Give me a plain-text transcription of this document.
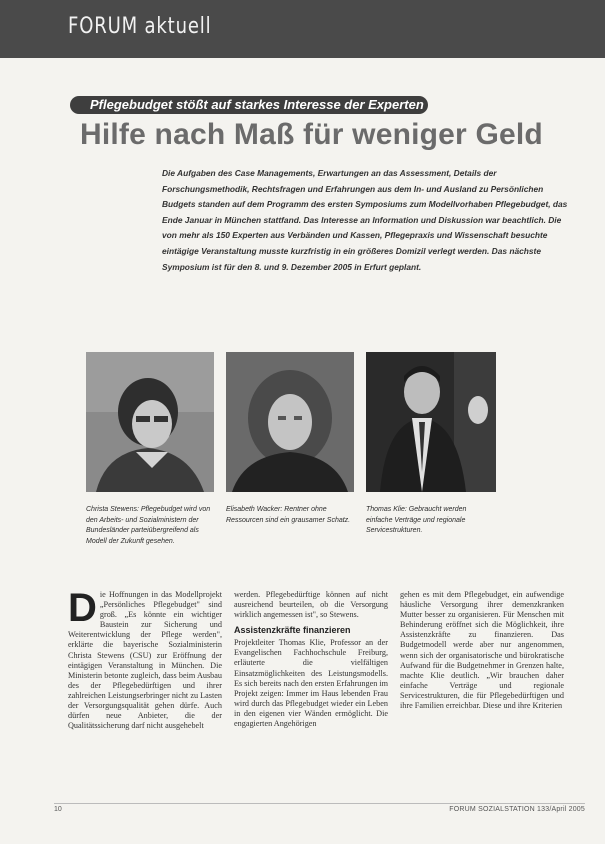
FORUM aktuell
Pflegebudget stößt auf starkes Interesse der Experten
Hilfe nach Maß für weniger Geld
Die Aufgaben des Case Managements, Erwartungen an das Assessment, Details der Forschungsmethodik, Rechtsfragen und Erfahrungen aus dem In- und Ausland zu Persönlichen Budgets standen auf dem Programm des ersten Symposiums zum Modellvorhaben Pflegebudget, das Ende Januar in München stattfand. Das Interesse an Information und Diskussion war beachtlich. Die von mehr als 150 Experten aus Verbänden und Kassen, Pflegepraxis und Wissenschaft besuchte eintägige Veranstaltung musste kurzfristig in ein größeres Domizil verlegt werden. Das nächste Symposium ist für den 8. und 9. Dezember 2005 in Erfurt geplant.
Christa Stewens: Pflegebudget wird von den Arbeits- und Sozialministern der Bundesländer parteiübergreifend als Modell der Zukunft gesehen.
Elisabeth Wacker: Rentner ohne Ressourcen sind ein grausamer Schatz.
Thomas Klie: Gebraucht werden einfache Verträge und regionale Servicestrukturen.
D ie Hoffnungen in das Modellprojekt „Persönliches Pflegebudget" sind groß. „Es könnte ein wichtiger Baustein zur Sicherung und Weiterentwicklung der Pflege werden", erklärte die bayerische Sozialministerin Christa Stewens (CSU) zur Eröffnung der eintägigen Veranstaltung in München. Die Ministerin betonte zugleich, dass beim Ausbau des der Pflegebedürftigen und ihrer zahlreichen Leistungserbringer nicht zu Lasten der Versorgungsqualität gehen dürfe. Auch dürfen neue Anbieter, die der Qualitätssicherung darf nicht ausgehebelt
werden. Pflegebedürftige können auf nicht ausreichend beurteilen, ob die Versorgung wirklich angemessen ist", so Stewens.
Assistenzkräfte finanzieren
Projektleiter Thomas Klie, Professor an der Evangelischen Fachhochschule Freiburg, erläuterte die vielfältigen Einsatzmöglichkeiten des Leistungsmodells. Es sich bereits nach den ersten Erfahrungen im Projekt zeigen: Immer im Haus lebenden Frau wird durch das Pflegebudget wieder ein Leben in den eigenen vier Wänden ermöglicht. Die engagierten Angehörigen
gehen es mit dem Pflegebudget, ein aufwendige häusliche Versorgung ihrer demenzkranken Mutter besser zu organisieren. Für Menschen mit Behinderung eröffnet sich die Möglichkeit, ihre Assistenzkräfte zu finanzieren. Das Budgetmodell werde aber nur angenommen, wenn sich der organisatorische und bürokratische Aufwand für die Budgetnehmer in Grenzen halte, machte Klie deutlich. „Wir brauchen daher einfache Verträge und regionale Servicestrukturen, die für Pflegebedürftigen und ihre Familien erreichbar. Diese und ihre Kriterien
10	FORUM SOZIALSTATION 133/April 2005
